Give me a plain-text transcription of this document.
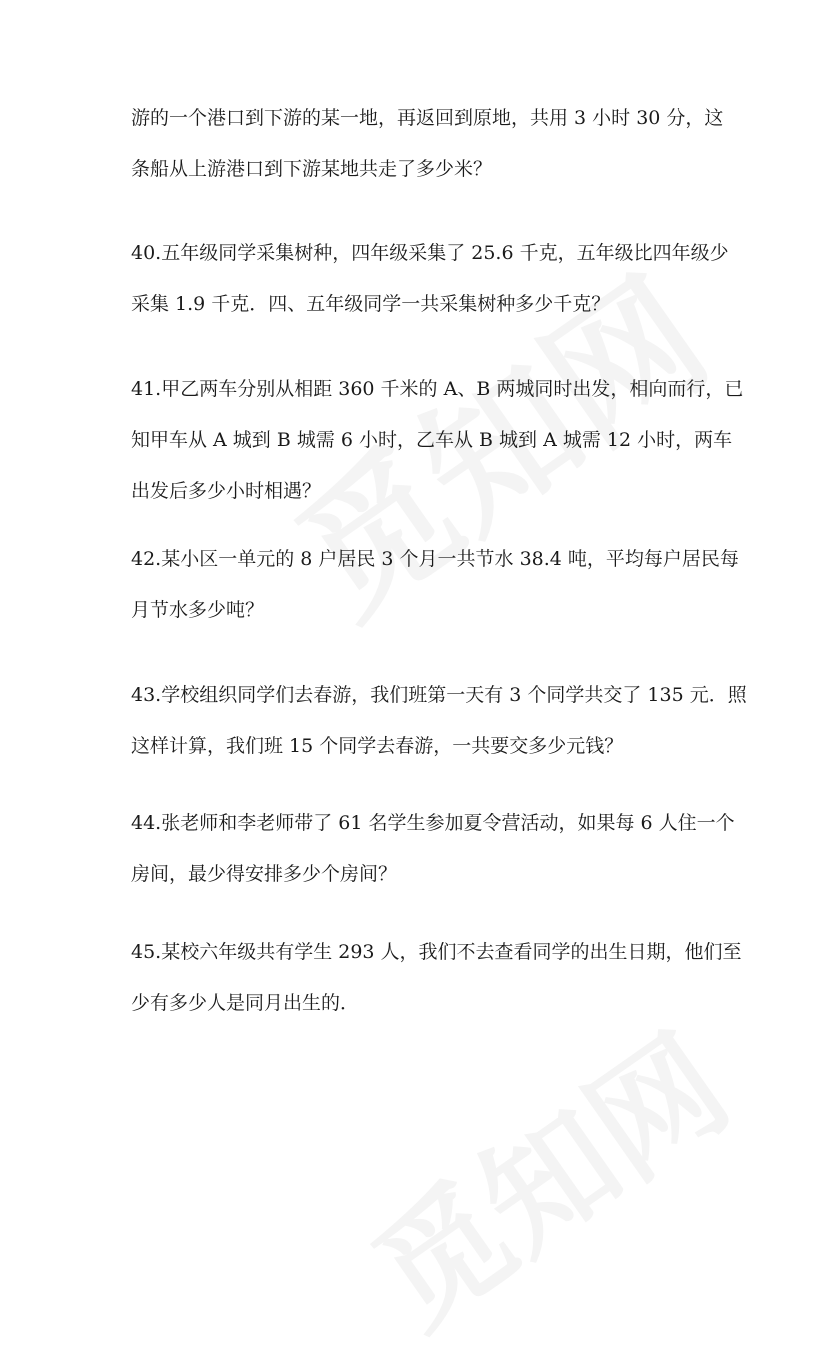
游的一个港口到下游的某一地，再返回到原地，共用 3 小时 30 分，这
条船从上游港口到下游某地共走了多少米？
40.五年级同学采集树种，四年级采集了 25.6 千克，五年级比四年级少
采集 1.9 千克．四、五年级同学一共采集树种多少千克？
41.甲乙两车分别从相距 360 千米的 A、B 两城同时出发，相向而行，已
知甲车从 A 城到 B 城需 6 小时，乙车从 B 城到 A 城需 12 小时，两车
出发后多少小时相遇？
42.某小区一单元的 8 户居民 3 个月一共节水 38.4 吨，平均每户居民每
月节水多少吨？
43.学校组织同学们去春游，我们班第一天有 3 个同学共交了 135 元．照
这样计算，我们班 15 个同学去春游，一共要交多少元钱？
44.张老师和李老师带了 61 名学生参加夏令营活动，如果每 6 人住一个
房间，最少得安排多少个房间？
45.某校六年级共有学生 293 人，我们不去查看同学的出生日期，他们至
少有多少人是同月出生的．
